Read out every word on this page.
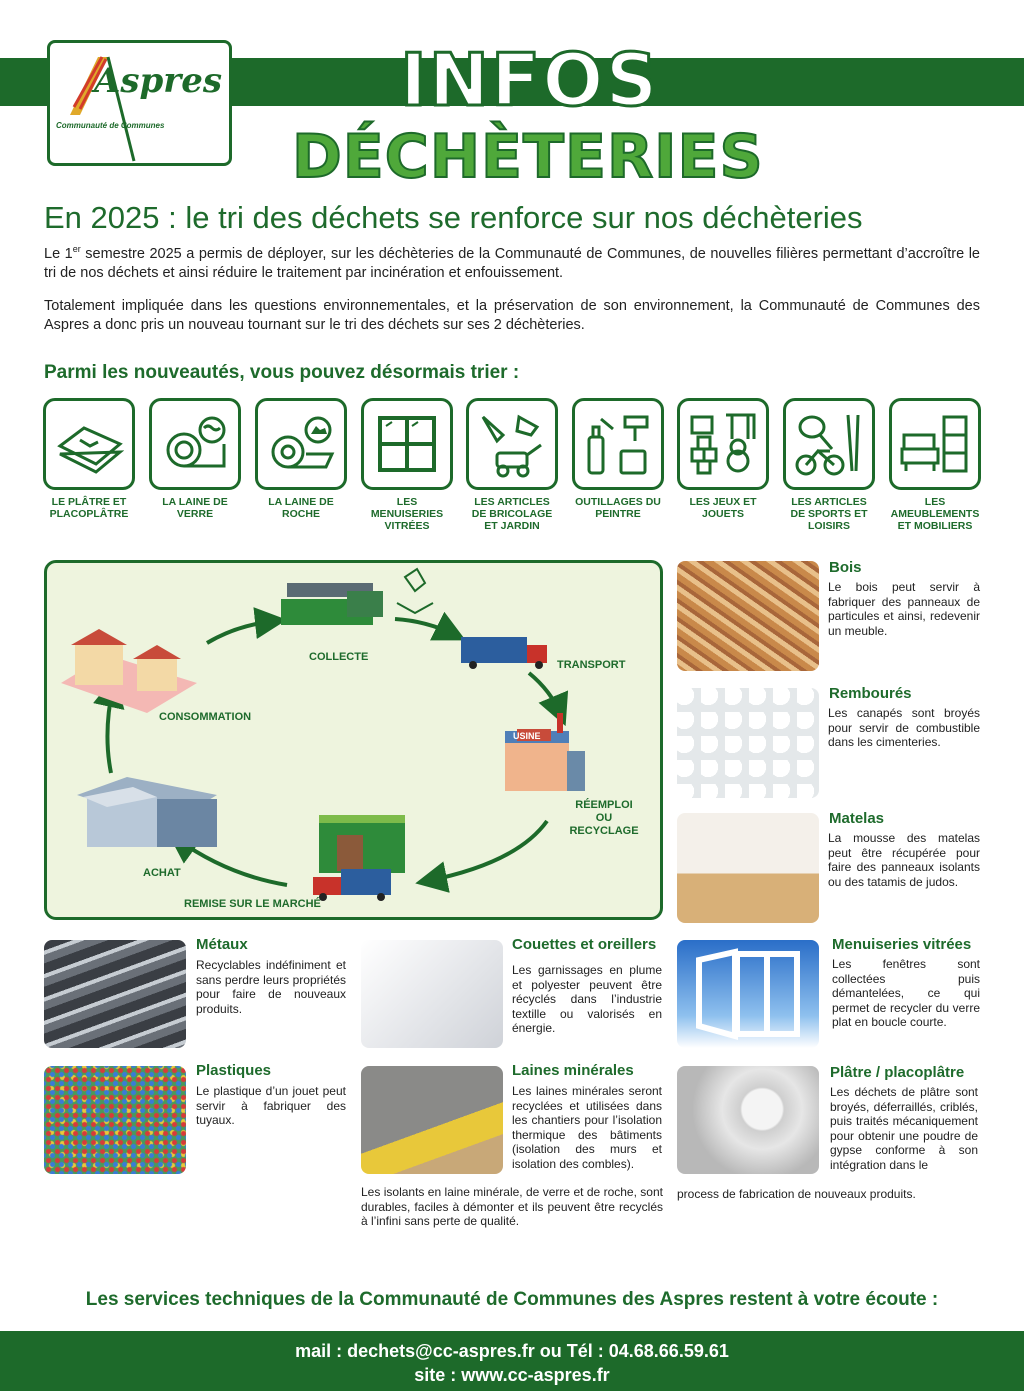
Aspres
Communauté de Communes
INFOS
DÉCHÈTERIES
En 2025 : le tri des déchets se renforce sur nos déchèteries
Le 1er semestre 2025 a permis de déployer, sur les déchèteries de la Communauté de Communes, de nouvelles filières permettant d’accroître le tri de nos déchets et ainsi réduire le traitement par incinération et enfouissement.
Totalement impliquée dans les questions environnementales, et la préservation de son environnement, la Communauté de Communes des Aspres a donc pris un nouveau tournant sur le tri des déchets sur ses 2 déchèteries.
Parmi les nouveautés, vous pouvez désormais trier :
LE PLÂTRE ET PLACOPLÂTRE
LA LAINE DE VERRE
LA LAINE DE ROCHE
LES MENUISERIES VITRÉES
LES ARTICLES DE BRICOLAGE ET JARDIN
OUTILLAGES DU PEINTRE
LES JEUX ET JOUETS
LES ARTICLES DE SPORTS ET LOISIRS
LES AMEUBLEMENTS ET MOBILIERS
COLLECTE
TRANSPORT
CONSOMMATION
USINE
RÉEMPLOI OU RECYCLAGE
ACHAT
REMISE SUR LE MARCHÉ
Bois
Le bois peut servir à fabriquer des panneaux de particules et ainsi, redevenir un meuble.
Rembourés
Les canapés sont broyés pour servir de combustible dans les cimenteries.
Matelas
La mousse des matelas peut être récupérée pour faire des panneaux isolants ou des tatamis de judos.
Métaux
Recyclables indéfiniment et sans perdre leurs propriétés pour faire de nouveaux produits.
Couettes et oreillers
Les garnissages en plume et polyester peuvent être récyclés dans l’industrie textille ou valorisés en énergie.
Menuiseries vitrées
Les fenêtres sont collectées puis démantelées, ce qui permet de recycler du verre plat en boucle courte.
Plastiques
Le plastique d’un jouet peut servir à fabriquer des tuyaux.
Laines minérales
Les laines minérales seront recyclées et utilisées dans les chantiers pour l’isolation thermique des bâtiments (isolation des murs et isolation des combles).
Les isolants en laine minérale, de verre et de roche, sont durables, faciles à démonter et ils peuvent être recyclés à l’infini sans perte de qualité.
Plâtre / placoplâtre
Les déchets de plâtre sont broyés, déferraillés, criblés, puis traités mécaniquement pour obtenir une poudre de gypse conforme à son intégration dans le
process de fabrication de nouveaux produits.
Les services techniques de la Communauté de Communes des Aspres restent à votre écoute :
mail : dechets@cc-aspres.fr ou Tél : 04.68.66.59.61
site : www.cc-aspres.fr
